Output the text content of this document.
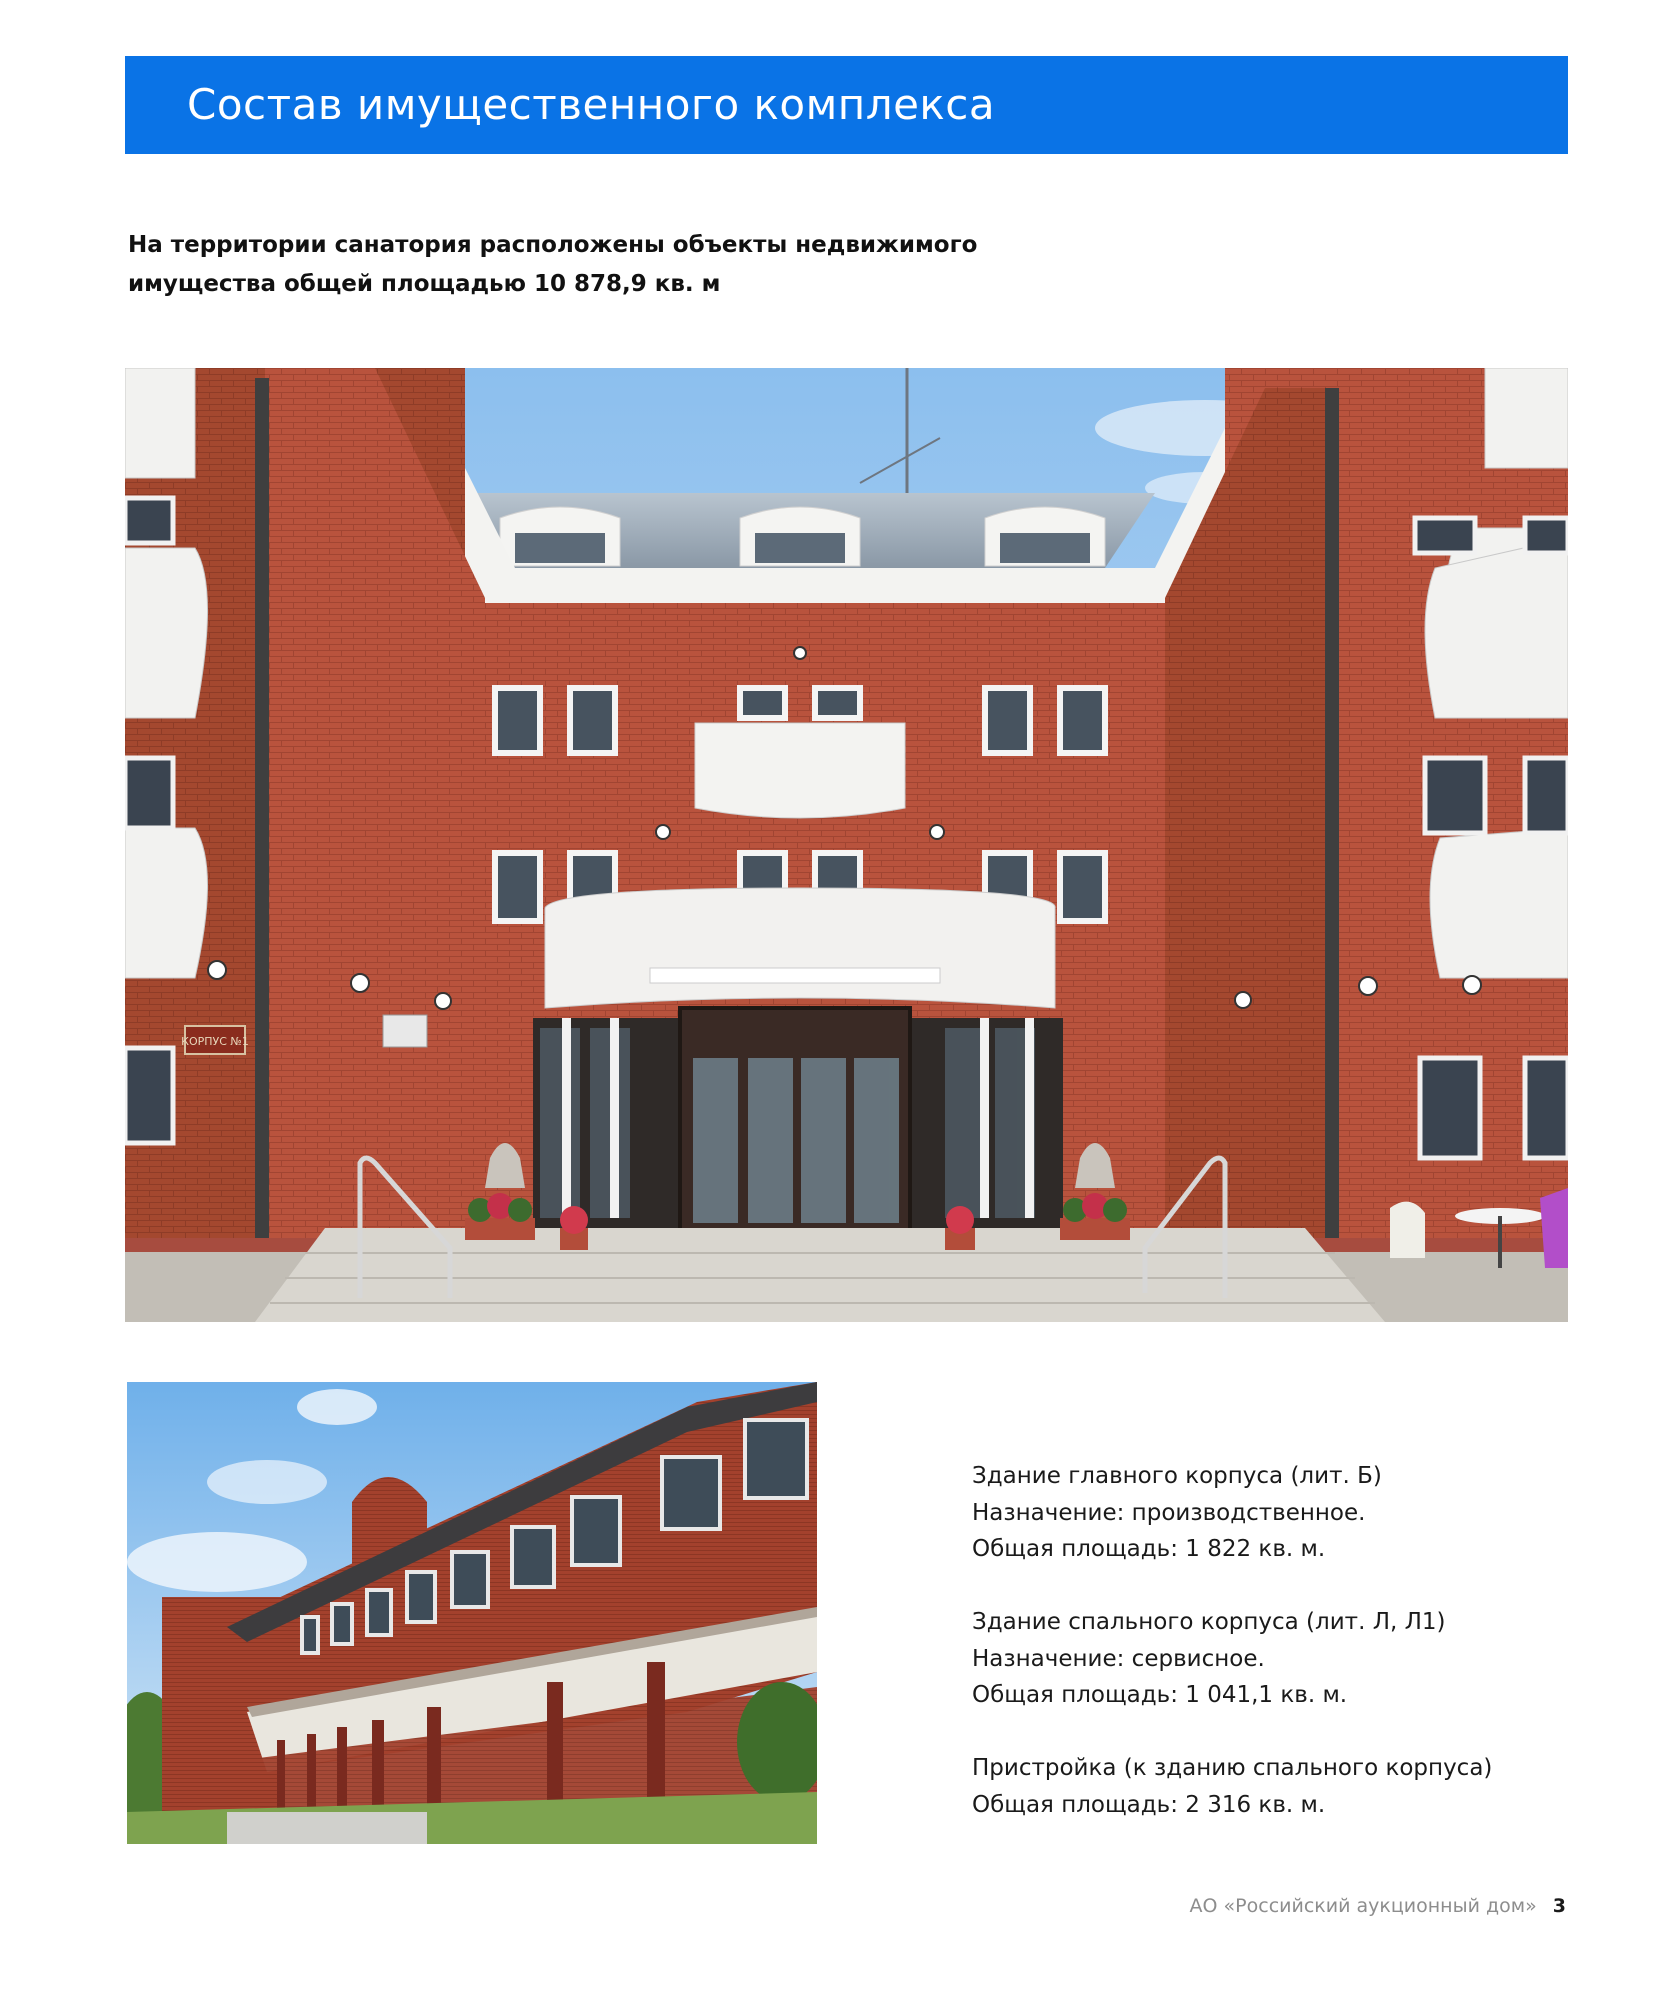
Состав имущественного комплекса

На территории санатория расположены объекты недвижимого

имущества общей площадью 10 878,9 кв. м

КОРПУС №1
Здание главного корпуса (лит. Б)
Назначение: производственное.
Общая площадь: 1 822 кв. м.
Здание спального корпуса (лит. Л, Л1)
Назначение: сервисное.
Общая площадь: 1 041,1 кв. м.
Пристройка (к зданию спального корпуса)
Общая площадь: 2 316 кв. м.
АО «Российский аукционный дом» 3
